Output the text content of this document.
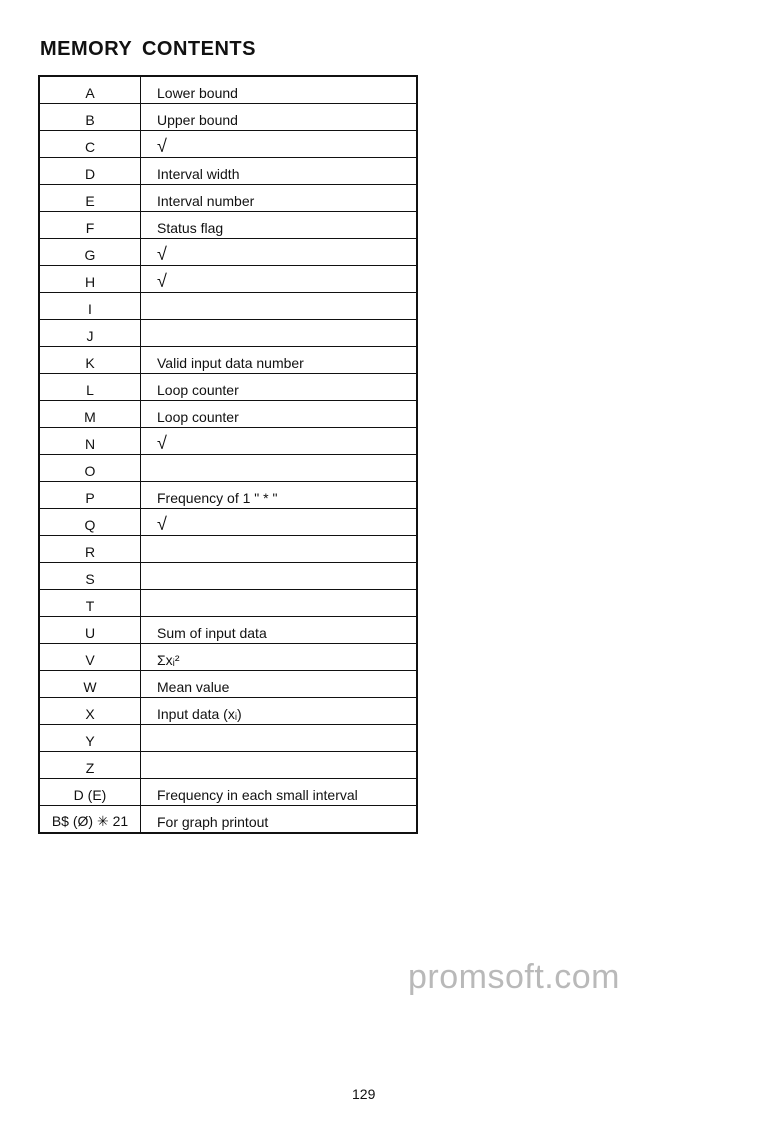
MEMORY CONTENTS
A	Lower bound
B	Upper bound
C	√
D	Interval width
E	Interval number
F	Status flag
G	√
H	√
I	
J	
K	Valid input data number
L	Loop counter
M	Loop counter
N	√
O	
P	Frequency of 1 " * "
Q	√
R	
S	
T	
U	Sum of input data
V	Σxᵢ²
W	Mean value
X	Input data (xᵢ)
Y	
Z	
D (E)	Frequency in each small interval
B$ (Ø) ✳ 21	For graph printout
promsoft.com
129
